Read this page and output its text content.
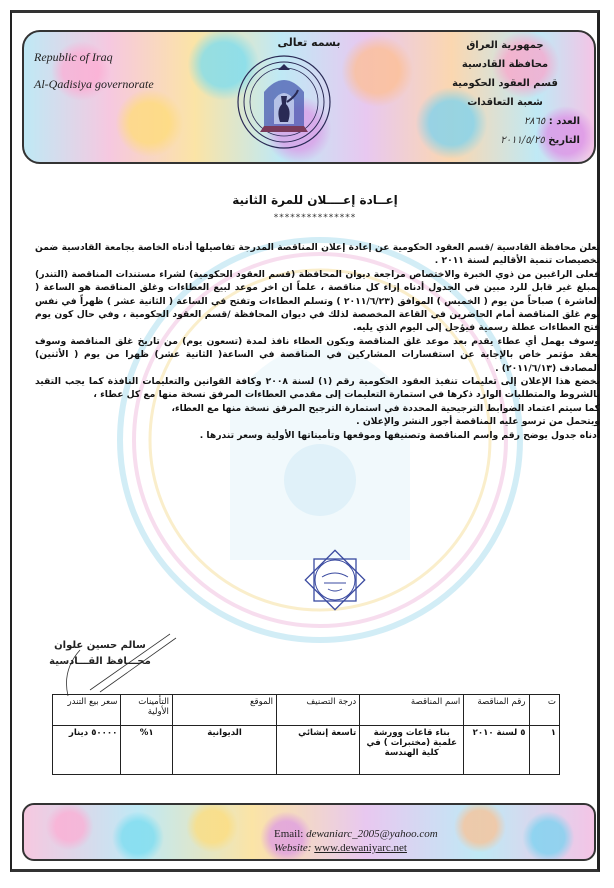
Republic of Iraq
Al-Qadisiya governorate
بسمه تعالى	جمهورية العراق
محافظة القادسية
قسم العقود الحكومية
شعبة التعاقدات
العدد : ٢٨٦٥
التاريخ ٢٠١١/٥/٢٥
إعــادة إعــــلان للمرة الثانية
***************

تعلن محافظة القادسية /قسم العقود الحكومية عن إعادة إعلان المناقصة المدرجة تفاصيلها أدناه الخاصة بجامعة القادسية ضمن تخصيصات تنمية الأقاليم لسنة ٢٠١١ .

فعلى الراغبين من ذوي الخبرة والاختصاص مراجعة ديوان المحافظة (قسم العقود الحكومية) لشراء مستندات المناقصة (التندر) بمبلغ غير قابل للرد مبين في الجدول أدناه إزاء كل مناقصة ، علماً ان اخر موعد لبيع العطاءات وغلق المناقصة هو الساعة ( العاشرة ) صباحاً من يوم ( الخميس ) الموافق (٢٠١١/٦/٢٣ ) وتسلم العطاءات وتفتح في الساعة ( الثانية عشر ) ظهراً في نفس يوم غلق المناقصة أمام الحاضرين في القاعة المخصصة لذلك في ديوان المحافظة /قسم العقود الحكومية ، وفي حال كون يوم فتح العطاءات عطلة رسمية فيؤجل إلى اليوم الذي يليه.

وسوف يهمل أي عطاء يقدم بعد موعد غلق المناقصة ويكون العطاء نافذ لمدة (تسعون يوم) من تاريخ غلق المناقصة وسوف يعقد مؤتمر خاص بالإجابة عن استفسارات المشاركين في المناقصة في الساعة( الثانية عشر) ظهرا من يوم ( الأثنين) المصادف (٢٠١١/٦/١٣) .

يخضع هذا الإعلان إلى تعليمات تنفيذ العقود الحكومية رقم (١) لسنة ٢٠٠٨ وكافة القوانين والتعليمات النافذة كما يجب التقيد بالشروط والمتطلبات الوارد ذكرها في استمارة التعليمات إلى مقدمي العطاءات المرفق نسخة منها مع كل عطاء ،

كما سيتم اعتماد الضوابط الترجيحية المحددة في استمارة الترجيح المرفق نسخة منها مع العطاء،

ويتحمل من ترسو عليه المناقصة أجور النشر والإعلان .

أدناه جدول يوضح رقم واسم المناقصة وتصنيفها وموقعها وتأميناتها الأولية وسعر تندرها .

سالم حسين علوان
محـــافظ القـــادسية
ت	رقم المناقصة	اسم المناقصة	درجة التصنيف	الموقع	التأمينات الأولية	سعر بيع التندر
١	٥ لسنة ٢٠١٠	بناء قاعات وورشة علمية (مختبرات ) في كلية الهندسة	تاسعة إنشائي	الديوانية	١%	٥٠٠٠٠ دينار
Email: dewaniarc_2005@yahoo.com
Website: www.dewaniyarc.net
